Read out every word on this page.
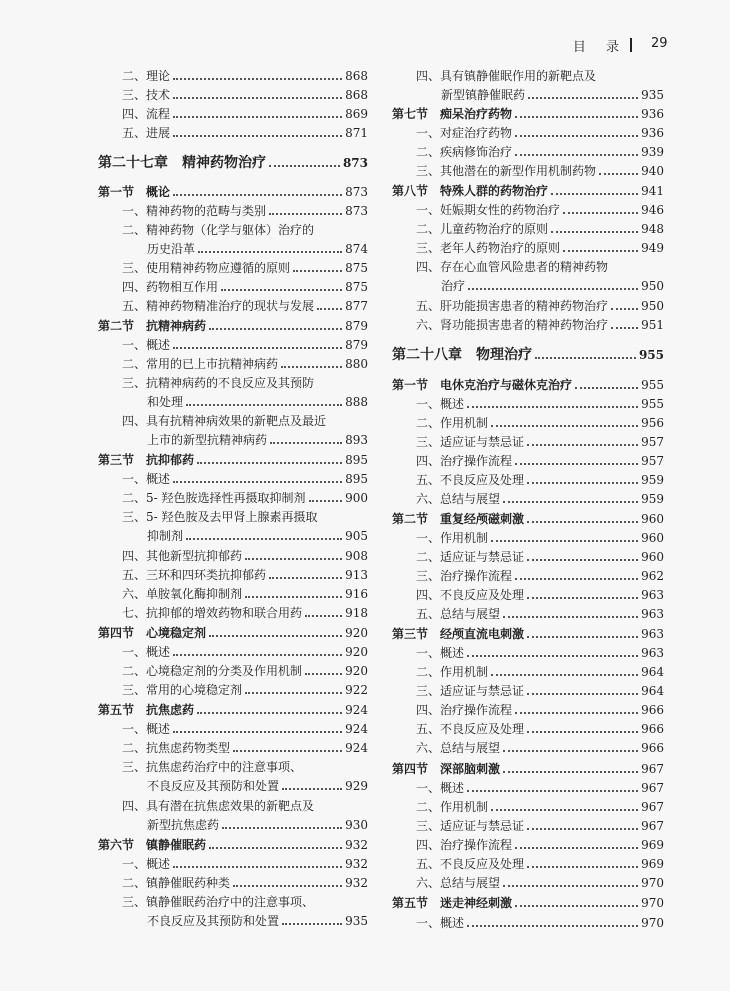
目 录 29
二、理论	868
三、技术	868
四、流程	869
五、进展	871
第二十七章　精神药物治疗	873
第一节　概论	873
一、精神药物的范畴与类别	873
二、精神药物（化学与躯体）治疗的
历史沿革	874
三、使用精神药物应遵循的原则	875
四、药物相互作用	875
五、精神药物精准治疗的现状与发展	877
第二节　抗精神病药	879
一、概述	879
二、常用的已上市抗精神病药	880
三、抗精神病药的不良反应及其预防
和处理	888
四、具有抗精神病效果的新靶点及最近
上市的新型抗精神病药	893
第三节　抗抑郁药	895
一、概述	895
二、5- 羟色胺选择性再摄取抑制剂	900
三、5- 羟色胺及去甲肾上腺素再摄取
抑制剂	905
四、其他新型抗抑郁药	908
五、三环和四环类抗抑郁药	913
六、单胺氧化酶抑制剂	916
七、抗抑郁的增效药物和联合用药	918
第四节　心境稳定剂	920
一、概述	920
二、心境稳定剂的分类及作用机制	920
三、常用的心境稳定剂	922
第五节　抗焦虑药	924
一、概述	924
二、抗焦虑药物类型	924
三、抗焦虑药治疗中的注意事项、
不良反应及其预防和处置	929
四、具有潜在抗焦虑效果的新靶点及
新型抗焦虑药	930
第六节　镇静催眠药	932
一、概述	932
二、镇静催眠药种类	932
三、镇静催眠药治疗中的注意事项、
不良反应及其预防和处置	935
四、具有镇静催眠作用的新靶点及
新型镇静催眠药	935
第七节　痴呆治疗药物	936
一、对症治疗药物	936
二、疾病修饰治疗	939
三、其他潜在的新型作用机制药物	940
第八节　特殊人群的药物治疗	941
一、妊娠期女性的药物治疗	946
二、儿童药物治疗的原则	948
三、老年人药物治疗的原则	949
四、存在心血管风险患者的精神药物
治疗	950
五、肝功能损害患者的精神药物治疗	950
六、肾功能损害患者的精神药物治疗	951
第二十八章　物理治疗	955
第一节　电休克治疗与磁休克治疗	955
一、概述	955
二、作用机制	956
三、适应证与禁忌证	957
四、治疗操作流程	957
五、不良反应及处理	959
六、总结与展望	959
第二节　重复经颅磁刺激	960
一、作用机制	960
二、适应证与禁忌证	960
三、治疗操作流程	962
四、不良反应及处理	963
五、总结与展望	963
第三节　经颅直流电刺激	963
一、概述	963
二、作用机制	964
三、适应证与禁忌证	964
四、治疗操作流程	966
五、不良反应及处理	966
六、总结与展望	966
第四节　深部脑刺激	967
一、概述	967
二、作用机制	967
三、适应证与禁忌证	967
四、治疗操作流程	969
五、不良反应及处理	969
六、总结与展望	970
第五节　迷走神经刺激	970
一、概述	970
